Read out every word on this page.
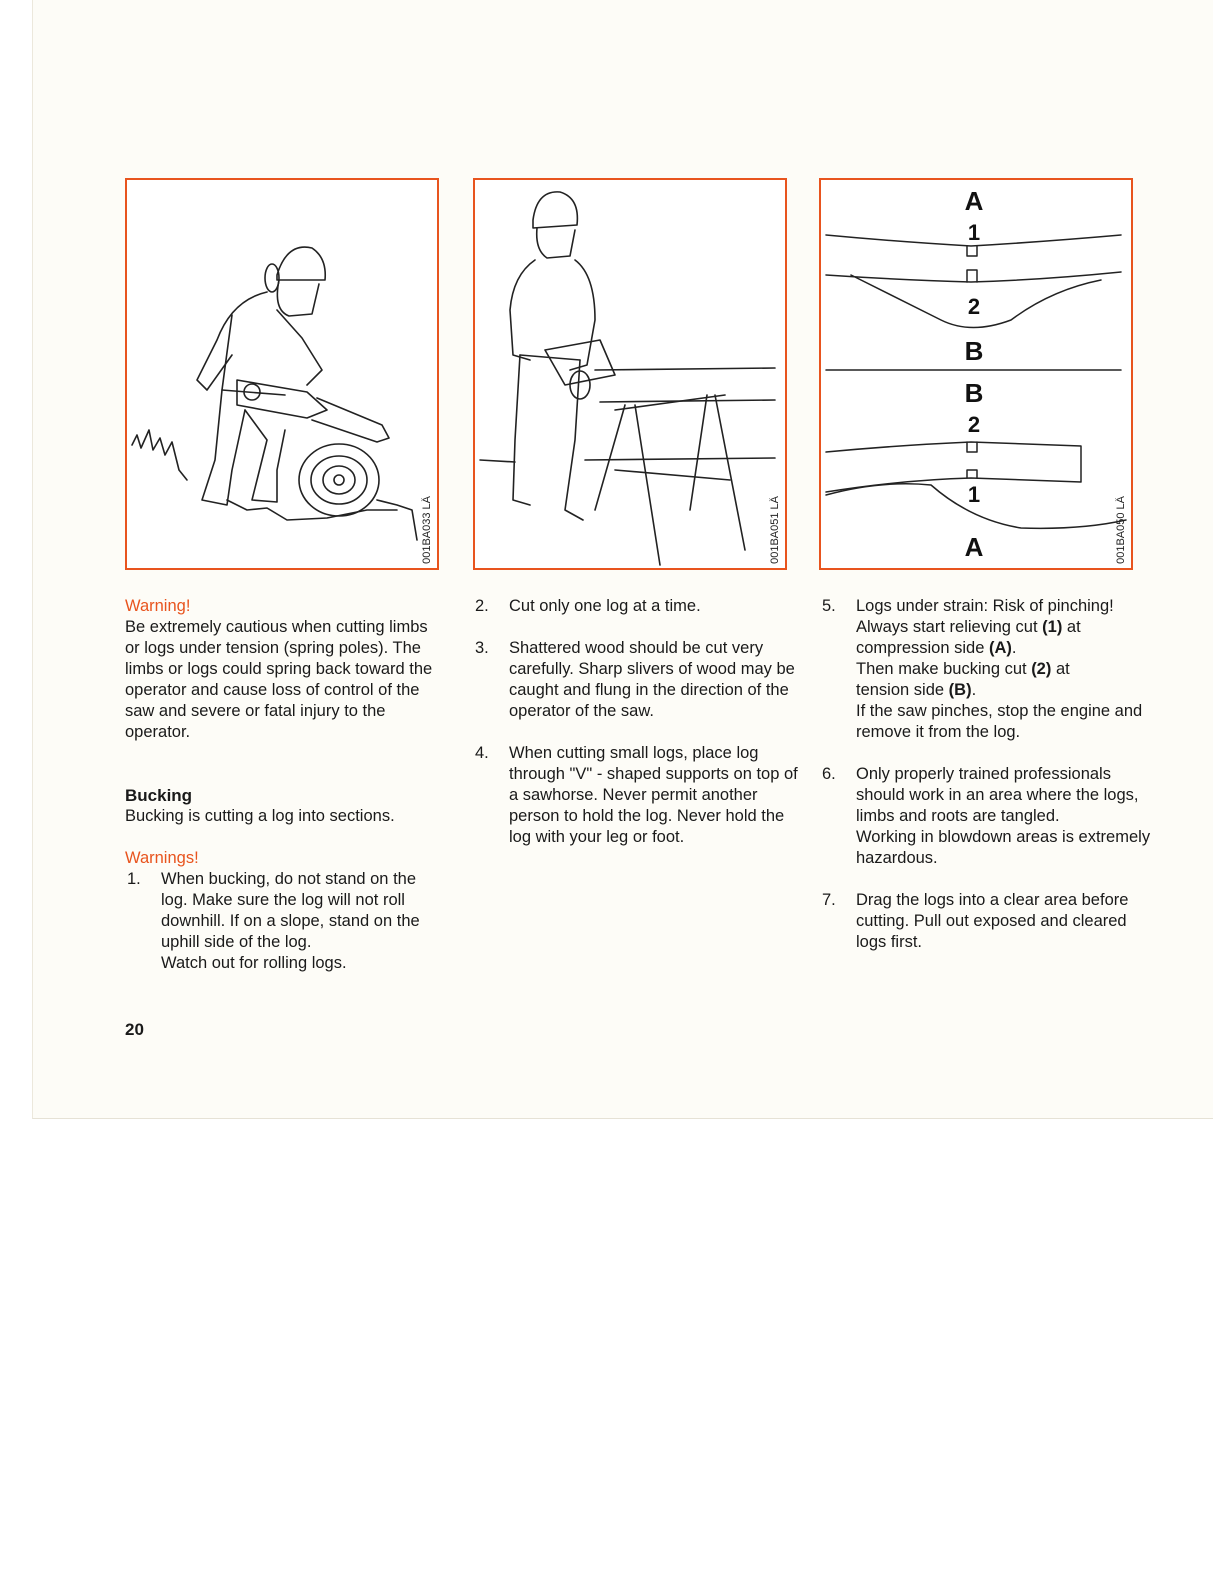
001BA033 LÄ	001BA051 LÄ
A
1
2
B
B
2
1
A	001BA050 LÄ

Warning!

Be extremely cautious when cutting limbs or logs under tension (spring poles). The limbs or logs could spring back toward the operator and cause loss of control of the saw and severe or fatal injury to the operator.

Bucking

Bucking is cutting a log into sections.

Warnings!

1. When bucking, do not stand on the log. Make sure the log will not roll downhill. If on a slope, stand on the uphill side of the log.

Watch out for rolling logs.

2. Cut only one log at a time.

3. Shattered wood should be cut very carefully. Sharp slivers of wood may be caught and flung in the direction of the operator of the saw.

4. When cutting small logs, place log through "V" - shaped supports on top of a sawhorse. Never permit another person to hold the log. Never hold the log with your leg or foot.

5. Logs under strain: Risk of pinching!

Always start relieving cut (1) at

compression side (A).

Then make bucking cut (2) at

tension side (B).

If the saw pinches, stop the engine and remove it from the log.

6. Only properly trained professionals should work in an area where the logs, limbs and roots are tangled.

Working in blowdown areas is extremely hazardous.

7. Drag the logs into a clear area before cutting. Pull out exposed and cleared logs first.

20
